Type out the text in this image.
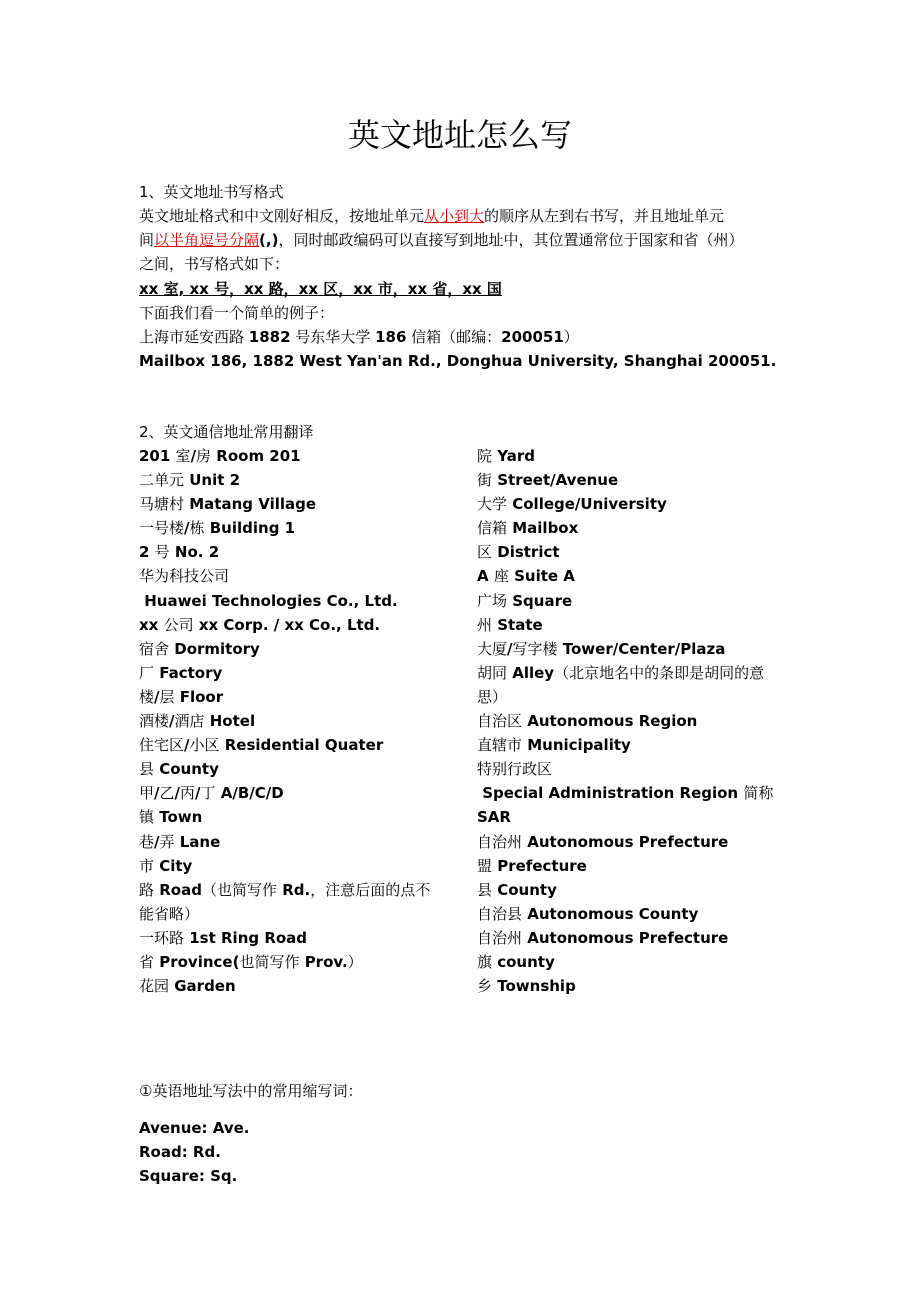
英文地址怎么写
1、英文地址书写格式
英文地址格式和中文刚好相反，按地址单元从小到大的顺序从左到右书写，并且地址单元
间以半角逗号分隔(,)，同时邮政编码可以直接写到地址中，其位置通常位于国家和省（州）
之间，书写格式如下：
xx 室, xx 号，xx 路，xx 区，xx 市，xx 省，xx 国
下面我们看一个简单的例子：
上海市延安西路 1882 号东华大学 186 信箱（邮编：200051）
Mailbox 186, 1882 West Yan'an Rd., Donghua University, Shanghai 200051.
2、英文通信地址常用翻译
201 室/房 Room 201
二单元 Unit 2
马塘村 Matang Village
一号楼/栋 Building 1
2 号 No. 2
华为科技公司
Huawei Technologies Co., Ltd.
xx 公司 xx Corp. / xx Co., Ltd.
宿舍 Dormitory
厂 Factory
楼/层 Floor
酒楼/酒店 Hotel
住宅区/小区 Residential Quater
县 County
甲/乙/丙/丁 A/B/C/D
镇 Town
巷/弄 Lane
市 City
路 Road（也简写作 Rd.，注意后面的点不
能省略）
一环路 1st Ring Road
省 Province(也简写作 Prov.）
花园 Garden
院 Yard
街 Street/Avenue
大学 College/University
信箱 Mailbox
区 District
A 座 Suite A
广场 Square
州 State
大厦/写字楼 Tower/Center/Plaza
胡同 Alley（北京地名中的条即是胡同的意
思）
自治区 Autonomous Region
直辖市 Municipality
特别行政区
Special Administration Region 简称
SAR
自治州 Autonomous Prefecture
盟 Prefecture
县 County
自治县 Autonomous County
自治州 Autonomous Prefecture
旗 county
乡 Township
①英语地址写法中的常用缩写词：
Avenue: Ave.
Road: Rd.
Square: Sq.
